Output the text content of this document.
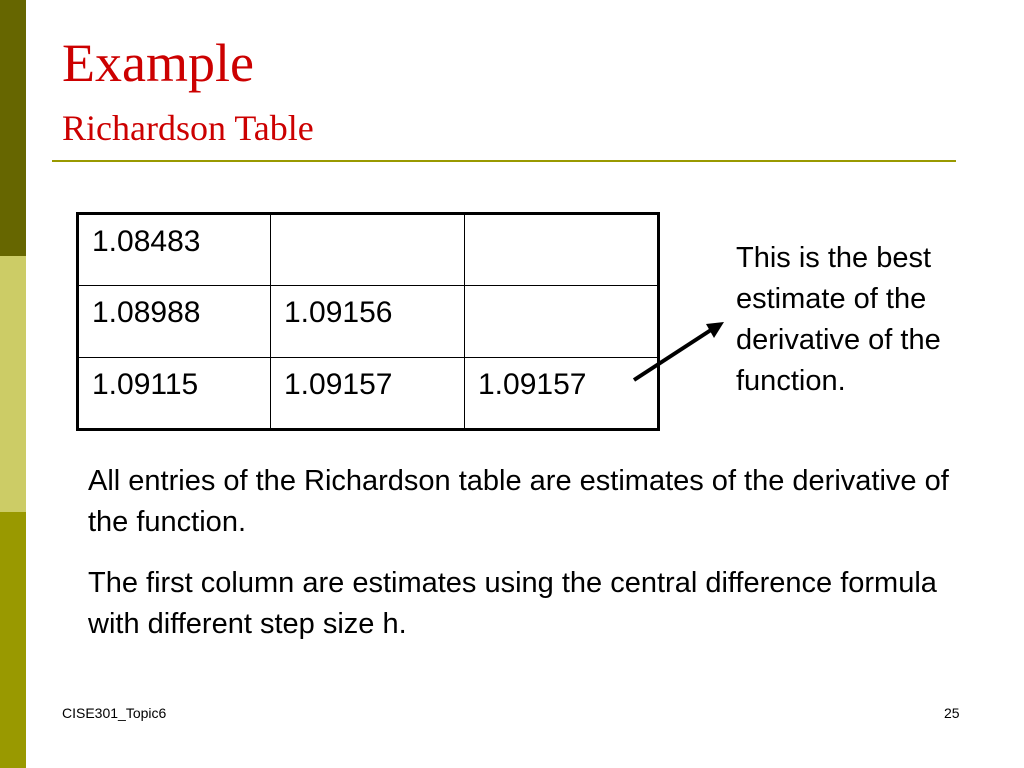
Example
Richardson Table
1.08483		
1.08988	1.09156	
1.09115	1.09157	1.09157

This is the best estimate of the derivative of the function.

All entries of the Richardson table are estimates of the derivative of the function.

The first column are estimates using the central difference formula with different step size h.

CISE301_Topic6	25
